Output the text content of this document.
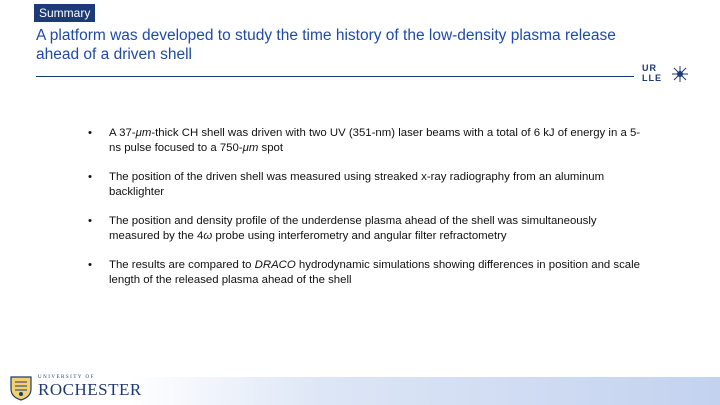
Summary
A platform was developed to study the time history of the low-density plasma release ahead of a driven shell
UR
LLE
• A 37-μm-thick CH shell was driven with two UV (351-nm) laser beams with a total of 6 kJ of energy in a 5-ns pulse focused to a 750-μm spot
• The position of the driven shell was measured using streaked x-ray radiography from an aluminum backlighter
• The position and density profile of the underdense plasma ahead of the shell was simultaneously measured by the 4ω probe using interferometry and angular filter refractometry
• The results are compared to DRACO hydrodynamic simulations showing differences in position and scale length of the released plasma ahead of the shell
UNIVERSITY OF
ROCHESTER
